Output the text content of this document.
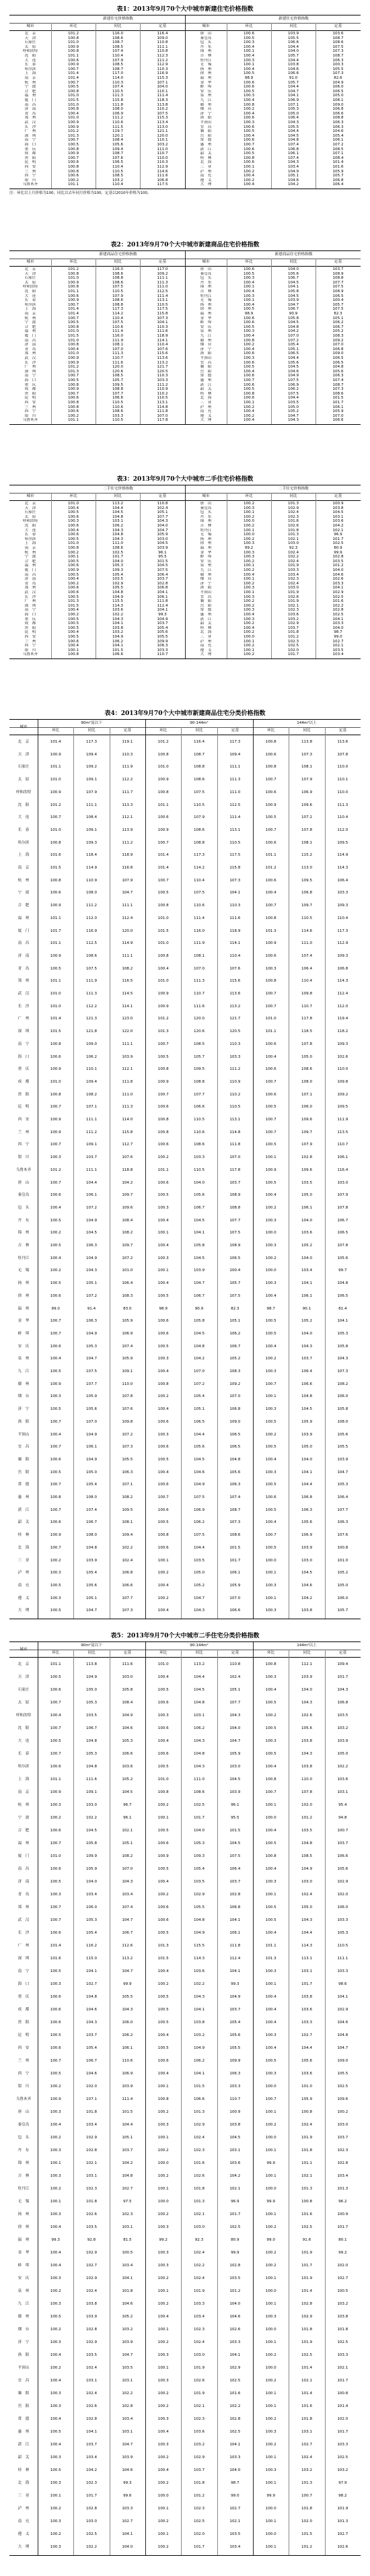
表1：2013年9月70个大中城市新建住宅价格指数
新建住宅价格指数	新建住宅价格指数
城市	环比	同比	定基	城市	环比	同比	定基
北　京	101.2	116.0	116.4
天　津	100.8	108.6	109.0
石家庄	101.0	108.7	110.8
太　原	100.9	108.5	111.1
呼和浩特	100.8	107.4	110.8
沈　阳	101.1	110.4	112.3
大　连	100.6	107.9	111.2
长　春	100.9	108.5	112.9
哈尔滨	100.7	108.7	110.3
上　海	101.4	117.0	116.9
南　京	101.4	114.0	115.3
杭　州	100.7	110.3	107.1
宁　波	100.5	107.4	104.0
合　肥	100.8	110.5	110.1
福　州	101.0	111.3	111.4
厦　门	101.5	115.8	118.3
南　昌	101.0	111.8	113.8
济　南	100.8	108.0	110.2
青　岛	100.4	106.9	107.5
郑　州	101.0	111.2	115.3
武　汉	100.9	110.6	113.4
长　沙	100.9	111.5	113.0
广　州	101.2	119.7	121.1
深　圳	101.3	120.1	120.0
南　宁	100.7	108.4	110.1
海　口	100.5	105.6	103.2
重　庆	100.8	109.4	111.0
成　都	100.9	108.7	110.7
贵　阳	100.7	107.6	110.0
昆　明	100.6	106.5	110.3
西　安	100.8	110.4	112.9
兰　州	100.8	110.5	114.6
西　宁	100.6	108.5	111.6
银　川	100.2	103.2	106.8
乌鲁木齐	101.1	110.4	117.5
唐　山	100.6	103.9	103.6
秦皇岛	100.5	105.5	108.7
包　头	100.3	106.6	108.6
丹　东	100.4	104.4	107.5
锦　州	100.1	104.0	107.3
吉　林	100.4	105.7	108.7
牡丹江	100.3	104.4	106.3
无　锡	100.1	103.8	100.3
扬　州	100.4	104.6	105.5
徐　州	100.5	106.6	107.3
温　州	98.9	91.0	82.6
金　华	100.6	105.7	104.9
蚌　埠	100.6	104.4	106.0
安　庆	100.5	104.7	106.5
泉　州	100.3	104.1	105.0
九　江	100.4	106.9	108.1
赣　州	100.8	107.1	109.0
烟　台	100.2	105.3	106.8
济　宁	100.4	105.0	106.6
洛　阳	100.6	106.4	108.8
平顶山	100.3	104.3	106.3
宜　昌	100.6	105.5	106.3
襄　阳	100.5	104.4	104.6
岳　阳	100.4	104.5	105.4
常　德	100.6	104.8	106.1
惠　州	100.7	107.4	107.2
湛　江	100.6	106.8	108.5
韶　关	100.5	106.1	107.1
桂　林	100.8	107.4	108.4
北　海	100.6	104.3	101.4
三　亚	100.1	103.4	101.6
泸　州	100.2	104.9	105.9
南　充	100.4	105.1	105.7
遵　义	100.2	104.6	106.8
大　理	100.4	104.2	106.4
注：环比以上月价格为100，同比以去年同月价格为100，定基以2010年价格为100。
表2：2013年9月70个大中城市新建商品住宅价格指数
新建商品住宅价格指数	新建商品住宅价格指数
城市	环比	同比	定基	城市	环比	同比	定基
北　京	101.2	116.0	117.0
天　津	100.8	108.6	109.2
石家庄	101.0	108.8	111.1
太　原	100.9	108.6	111.3
呼和浩特	100.8	107.5	111.0
沈　阳	101.1	110.5	112.5
大　连	100.6	107.9	111.4
长　春	100.9	108.6	113.1
哈尔滨	100.7	108.8	110.5
上　海	101.4	117.3	117.5
南　京	101.4	114.2	115.8
杭　州	100.7	110.4	107.3
宁　波	100.5	107.5	104.1
合　肥	100.8	110.6	110.3
福　州	101.0	111.4	111.6
厦　门	101.5	116.0	118.9
南　昌	101.0	111.9	114.1
济　南	100.8	108.1	110.4
青　岛	100.4	107.0	107.6
郑　州	101.0	111.3	115.6
武　汉	100.9	110.7	113.6
长　沙	100.9	111.6	113.2
广　州	101.2	120.0	121.7
深　圳	101.3	120.6	120.5
南　宁	100.7	108.5	110.3
海　口	100.5	105.7	103.3
重　庆	100.8	109.5	111.2
成　都	100.9	108.8	110.9
贵　阳	100.7	107.7	110.2
昆　明	100.6	106.6	110.5
西　安	100.8	110.5	113.1
兰　州	100.8	110.6	114.8
西　宁	100.6	108.6	111.8
银　川	100.2	103.3	107.0
乌鲁木齐	101.1	110.5	117.8
唐　山	100.6	104.0	103.7
秦皇岛	100.5	105.6	108.9
包　头	100.3	106.7	108.8
丹　东	100.4	104.5	107.7
锦　州	100.1	104.1	107.5
吉　林	100.4	105.8	108.9
牡丹江	100.3	104.5	106.5
无　锡	100.1	103.9	100.4
扬　州	100.4	104.7	105.7
徐　州	100.5	106.7	107.5
温　州	98.9	90.9	82.3
金　华	100.6	105.8	105.1
蚌　埠	100.6	104.5	106.2
安　庆	100.5	104.8	106.7
泉　州	100.3	104.2	105.2
九　江	100.4	107.0	108.3
赣　州	100.8	107.2	109.2
烟　台	100.2	105.4	107.0
济　宁	100.4	105.1	106.8
洛　阳	100.6	106.5	109.0
平顶山	100.3	104.4	106.5
宜　昌	100.6	105.6	106.5
襄　阳	100.5	104.5	104.8
岳　阳	100.4	104.6	105.6
常　德	100.6	104.9	106.3
惠　州	100.7	107.5	107.4
湛　江	100.6	106.9	108.7
韶　关	100.5	106.2	107.3
桂　林	100.8	107.5	108.6
北　海	100.6	104.4	101.5
三　亚	100.1	103.5	101.7
泸　州	100.2	105.0	106.1
南　充	100.4	105.2	105.9
遵　义	100.2	104.7	107.0
大　理	100.4	104.3	106.6
表3：2013年9月70个大中城市二手住宅价格指数
二手住宅价格指数	二手住宅价格指数
城市	环比	同比	定基	城市	环比	同比	定基
北　京	101.0	113.2	110.8
天　津	100.4	104.4	102.4
石家庄	100.5	104.5	105.1
太　原	100.6	104.8	107.7
呼和浩特	100.3	103.1	104.3
沈　阳	100.6	106.2	104.0
大　连	100.4	104.3	104.7
长　春	100.6	104.8	105.9
哈尔滨	100.5	104.3	103.0
上　海	101.0	111.0	104.5
南　京	100.8	108.6	103.9
杭　州	100.2	102.5	96.1
宁　波	100.1	101.7	95.5
合　肥	100.5	104.0	101.5
福　州	100.6	105.3	104.5
厦　门	100.9	109.3	107.5
南　昌	100.5	105.4	106.4
济　南	100.4	103.5	103.7
青　岛	100.2	102.9	102.8
郑　州	100.6	105.5	106.8
武　汉	100.6	104.8	104.1
长　沙	100.5	104.9	106.1
广　州	101.3	115.5	111.8
深　圳	101.5	114.3	112.4
南　宁	100.4	103.6	104.1
海　口	100.2	102.2	99.3
重　庆	100.5	104.3	104.9
成　都	100.5	104.1	103.7
贵　阳	100.5	103.8	105.4
昆　明	100.4	103.2	105.6
西　安	100.5	104.9	105.5
兰　州	100.6	106.2	109.9
西　宁	100.4	104.1	106.3
银　川	100.1	101.5	103.3
乌鲁木齐	100.8	106.6	110.7
唐　山	100.2	101.3	100.9
秦皇岛	100.3	102.9	103.8
包　头	100.1	102.4	104.5
丹　东	100.2	102.3	103.1
锦　州	100.0	101.6	103.6
吉　林	100.2	102.6	104.2
牡丹江	100.1	101.8	102.1
无　锡	100.0	101.3	96.9
扬　州	100.2	102.1	101.7
徐　州	100.3	103.0	102.5
温　州	99.2	92.3	80.9
金　华	100.3	102.4	99.9
蚌　埠	100.3	102.2	102.8
安　庆	100.2	102.4	103.5
泉　州	100.1	101.9	101.2
九　江	100.2	103.3	104.0
赣　州	100.4	103.4	104.6
烟　台	100.1	102.3	102.6
济　宁	100.2	102.4	103.3
洛　阳	100.3	103.0	104.1
平顶山	100.1	101.9	102.9
宜　昌	100.3	102.6	102.5
襄　阳	100.2	101.9	101.6
岳　阳	100.2	102.1	102.2
常　德	100.3	102.3	102.8
惠　州	100.4	103.6	102.5
湛　江	100.3	103.2	104.1
韶　关	100.2	102.9	103.3
桂　林	100.4	103.7	104.0
北　海	100.2	101.8	98.7
三　亚	100.0	101.2	99.0
泸　州	100.1	102.3	102.7
南　充	100.2	102.5	102.1
遵　义	100.1	102.0	103.5
大　理	100.2	101.7	103.4
表4：2013年9月70个大中城市新建商品住宅分类价格指数
90m²及以下	90-144m²	144m²以上
城市
环比	同比	定基	环比	同比	定基	环比	同比	定基
北　京	101.4	117.3	119.1	101.2	116.4	117.3	100.8	113.8	113.6
天　津	100.9	109.4	110.3	100.8	108.7	109.4	100.6	107.3	107.8
石家庄	101.1	109.2	111.9	101.0	108.8	111.1	100.8	108.1	110.0
太　原	101.0	109.1	112.2	100.9	108.6	111.3	100.7	107.9	110.1
呼和浩特	100.9	107.9	111.7	100.8	107.5	111.0	100.6	106.9	110.0
沈　阳	101.2	111.1	113.3	101.1	110.5	112.5	100.9	109.6	111.3
大　连	100.7	108.4	112.1	100.6	107.9	111.4	100.5	107.2	110.4
长　春	101.0	109.1	113.9	100.9	108.6	113.1	100.7	107.8	112.0
哈尔滨	100.8	109.3	111.2	100.7	108.8	110.5	100.6	108.1	109.5
上　海	101.6	118.4	118.9	101.4	117.3	117.5	101.1	115.2	114.9
南　京	101.5	114.9	116.8	101.4	114.2	115.8	101.2	113.0	114.3
杭　州	100.8	110.9	107.9	100.7	110.4	107.3	100.6	109.5	106.4
宁　波	100.6	108.0	104.7	100.5	107.5	104.1	100.4	106.8	103.3
合　肥	100.9	111.2	111.1	100.8	110.6	110.3	100.7	109.7	109.3
福　州	101.1	112.0	112.4	101.0	111.4	111.6	100.8	110.5	110.4
厦　门	101.7	116.9	120.0	101.5	116.0	118.9	101.3	114.6	117.3
南　昌	101.1	112.5	114.9	101.0	111.9	114.1	100.9	111.0	112.9
济　南	100.9	108.6	111.1	100.8	108.1	110.4	100.6	107.4	109.3
青　岛	100.5	107.5	108.2	100.4	107.0	107.6	100.3	106.4	106.8
郑　州	101.1	111.9	116.5	101.0	111.3	115.6	100.8	110.4	114.3
武　汉	101.0	111.3	114.5	100.9	110.7	113.6	100.7	109.8	112.4
长　沙	101.0	112.2	114.1	100.9	111.6	113.2	100.7	110.7	112.0
广　州	101.4	121.3	123.0	101.2	120.0	121.7	101.0	117.8	119.4
深　圳	101.5	121.8	122.0	101.3	120.6	120.5	101.1	118.5	118.2
南　宁	100.8	109.0	111.1	100.7	108.5	110.3	100.6	107.8	109.3
海　口	100.6	106.2	103.9	100.5	105.7	103.3	100.4	105.0	102.6
重　庆	100.9	110.1	112.1	100.8	109.5	111.2	100.6	108.6	110.0
成　都	101.0	109.4	111.8	100.9	108.8	110.9	100.7	108.0	109.8
贵　阳	100.8	108.2	111.0	100.7	107.7	110.2	100.6	107.1	109.2
昆　明	100.7	107.1	111.3	100.6	106.6	110.5	100.5	106.0	109.5
西　安	100.9	111.1	114.0	100.8	110.5	113.1	100.7	109.6	111.9
兰　州	100.9	111.2	115.8	100.8	110.6	114.8	100.7	109.7	113.5
西　宁	100.7	109.1	112.7	100.6	108.6	111.8	100.5	107.9	110.7
银　川	100.3	103.7	107.6	100.2	103.3	107.0	100.1	102.8	106.1
乌鲁木齐	101.2	111.1	118.8	101.1	110.5	117.8	100.9	109.6	116.4
唐　山	100.7	104.4	104.2	100.6	104.0	103.7	100.5	103.5	103.0
秦皇岛	100.6	106.1	109.7	100.5	105.6	108.9	100.4	105.0	107.9
包　头	100.4	107.2	109.6	100.3	106.7	108.8	100.2	106.1	107.8
丹　东	100.5	104.9	108.4	100.4	104.5	107.7	100.3	104.0	106.7
锦　州	100.2	104.5	108.2	100.1	104.1	107.5	100.0	103.6	106.5
吉　林	100.5	106.3	109.7	100.4	105.8	108.9	100.3	105.2	107.8
牡丹江	100.4	104.9	107.2	100.3	104.5	106.5	100.2	104.0	105.6
无　锡	100.2	104.3	101.0	100.1	103.9	100.4	100.0	103.4	99.7
扬　州	100.5	105.1	106.4	100.4	104.7	105.7	100.3	104.1	104.8
徐　州	100.6	107.2	108.3	100.5	106.7	107.5	100.4	106.1	106.5
温　州	99.0	91.4	83.0	98.9	90.9	82.3	98.7	90.1	81.4
金　华	100.7	106.3	105.9	100.6	105.8	105.1	100.5	105.2	104.1
蚌　埠	100.7	104.9	106.9	100.6	104.5	106.2	100.5	104.0	105.3
安　庆	100.6	105.3	107.4	100.5	104.8	106.7	100.4	104.3	105.8
泉　州	100.4	104.7	105.9	100.3	104.2	105.2	100.2	103.7	104.3
九　江	100.5	107.5	109.1	100.4	107.0	108.3	100.3	106.4	107.3
赣　州	100.9	107.7	110.0	100.8	107.2	109.2	100.7	106.6	108.2
烟　台	100.3	105.9	107.8	100.2	105.4	107.0	100.1	104.8	106.0
济　宁	100.5	105.6	107.6	100.4	105.1	106.8	100.3	104.5	105.8
洛　阳	100.7	107.0	109.8	100.6	106.5	109.0	100.5	105.9	108.0
平顶山	100.4	104.9	107.2	100.3	104.4	106.5	100.2	103.9	105.6
宜　昌	100.7	106.1	107.3	100.6	105.6	106.5	100.5	105.0	105.5
襄　阳	100.6	104.9	105.5	100.5	104.5	104.8	100.4	104.0	103.9
岳　阳	100.5	105.0	106.3	100.4	104.6	105.6	100.3	104.1	104.7
常　德	100.7	105.4	107.1	100.6	104.9	106.3	100.5	104.4	105.3
惠　州	100.8	108.0	108.2	100.7	107.5	107.4	100.6	106.8	106.4
湛　江	100.7	107.4	109.5	100.6	106.9	108.7	100.5	106.3	107.7
韶　关	100.6	106.7	108.1	100.5	106.2	107.3	100.4	105.6	106.3
桂　林	100.9	108.0	109.4	100.8	107.5	108.6	100.7	106.9	107.6
北　海	100.7	104.8	102.2	100.6	104.4	101.5	100.5	103.9	100.8
三　亚	100.2	103.9	102.4	100.1	103.5	101.7	100.0	103.0	101.0
泸　州	100.3	105.4	106.8	100.2	105.0	106.1	100.1	104.5	105.2
南　充	100.5	105.6	106.6	100.4	105.2	105.9	100.3	104.6	105.0
遵　义	100.3	105.1	107.7	100.2	104.7	107.0	100.1	104.2	106.0
大　理	100.5	104.7	107.3	100.4	104.3	106.6	100.3	103.8	105.7
表5：2013年9月70个大中城市二手住宅分类价格指数
90m²及以下	90-144m²	144m²以上
城市
环比	同比	定基	环比	同比	定基	环比	同比	定基
北　京	101.1	113.8	111.6	101.0	113.2	110.8	100.8	112.1	109.4
天　津	100.5	104.9	103.0	100.4	104.4	102.4	100.3	103.9	101.7
石家庄	100.6	105.0	105.8	100.5	104.5	105.1	100.4	104.0	104.3
太　原	100.7	105.3	108.4	100.6	104.8	107.7	100.5	104.3	106.8
呼和浩特	100.4	103.5	104.9	100.3	103.1	104.3	100.2	102.6	103.5
沈　阳	100.7	106.7	104.6	100.6	106.2	104.0	100.5	105.6	103.2
大　连	100.5	104.8	105.3	100.4	104.3	104.7	100.3	103.8	103.9
长　春	100.7	105.3	106.6	100.6	104.8	105.9	100.5	104.3	105.0
哈尔滨	100.6	104.8	103.6	100.5	104.3	103.0	100.4	103.8	102.2
上　海	101.1	111.6	105.2	101.0	111.0	104.5	100.8	110.0	103.6
南　京	100.9	109.1	104.5	100.8	108.6	103.9	100.7	107.8	103.1
杭　州	100.3	103.0	96.7	100.2	102.5	96.1	100.1	102.0	95.4
宁　波	100.2	102.2	96.1	100.1	101.7	95.5	100.0	101.2	94.8
合　肥	100.6	104.5	102.1	100.5	104.0	101.5	100.4	103.5	100.7
福　州	100.7	105.8	105.1	100.6	105.3	104.5	100.5	104.8	103.7
厦　门	101.0	109.9	108.2	100.9	109.3	107.5	100.8	108.5	106.6
南　昌	100.6	105.9	107.0	100.5	105.4	106.4	100.4	104.9	105.6
济　南	100.5	104.0	104.3	100.4	103.5	103.7	100.3	103.0	102.9
青　岛	100.3	103.4	103.4	100.2	102.9	102.8	100.1	102.4	102.0
郑　州	100.7	106.0	107.4	100.6	105.5	106.8	100.5	105.0	106.0
武　汉	100.7	105.3	104.7	100.6	104.8	104.1	100.5	104.3	103.3
长　沙	100.6	105.4	106.7	100.5	104.9	106.1	100.4	104.4	105.3
广　州	101.4	116.2	112.6	101.3	115.5	111.8	101.1	114.3	110.5
深　圳	101.6	115.0	113.2	101.5	114.3	112.4	101.3	113.1	111.1
南　宁	100.5	104.1	104.7	100.4	103.6	104.1	100.3	103.1	103.3
海　口	100.3	102.7	99.9	100.2	102.2	99.3	100.1	101.7	98.6
重　庆	100.6	104.8	105.5	100.5	104.3	104.9	100.4	103.8	104.1
成　都	100.6	104.6	104.3	100.5	104.1	103.7	100.4	103.6	102.9
贵　阳	100.6	104.3	106.0	100.5	103.8	105.4	100.4	103.3	104.6
昆　明	100.5	103.7	106.2	100.4	103.2	105.6	100.3	102.7	104.8
西　安	100.6	105.4	106.1	100.5	104.9	105.5	100.4	104.4	104.7
兰　州	100.7	106.7	110.6	100.6	106.2	109.9	100.5	105.6	109.0
西　宁	100.5	104.6	106.9	100.4	104.1	106.3	100.3	103.6	105.5
银　川	100.2	102.0	103.9	100.1	101.5	103.3	100.0	101.0	102.5
乌鲁木齐	100.9	107.1	111.4	100.8	106.6	110.7	100.7	105.9	109.6
唐　山	100.3	101.8	101.5	100.2	101.3	100.9	100.1	100.8	100.2
秦皇岛	100.4	103.4	104.4	100.3	102.9	103.8	100.2	102.4	103.0
包　头	100.2	102.9	105.1	100.1	102.4	104.5	100.0	101.9	103.7
丹　东	100.3	102.8	103.7	100.2	102.3	103.1	100.1	101.8	102.3
锦　州	100.1	102.1	104.2	100.0	101.6	103.6	99.9	101.1	102.8
吉　林	100.3	103.1	104.8	100.2	102.6	104.2	100.1	102.1	103.4
牡丹江	100.2	102.3	102.7	100.1	101.8	102.1	100.0	101.3	101.3
无　锡	100.1	101.8	97.5	100.0	101.3	96.9	99.9	100.8	96.2
扬　州	100.3	102.6	102.3	100.2	102.1	101.7	100.1	101.6	100.9
徐　州	100.4	103.5	103.1	100.3	103.0	102.5	100.2	102.5	101.7
温　州	99.3	92.8	81.5	99.2	92.3	80.9	99.0	91.6	80.1
金　华	100.4	102.9	100.5	100.3	102.4	99.9	100.2	101.9	99.2
蚌　埠	100.4	102.7	103.4	100.3	102.2	102.8	100.2	101.7	102.0
安　庆	100.3	102.9	104.1	100.2	102.4	103.5	100.1	101.9	102.7
泉　州	100.2	102.4	101.8	100.1	101.9	101.2	100.0	101.4	100.5
九　江	100.3	103.8	104.6	100.2	103.3	104.0	100.1	102.8	103.2
赣　州	100.5	103.9	105.2	100.4	103.4	104.6	100.3	102.9	103.8
烟　台	100.2	102.8	103.2	100.1	102.3	102.6	100.0	101.8	101.8
济　宁	100.3	102.9	103.9	100.2	102.4	103.3	100.1	101.9	102.5
洛　阳	100.4	103.5	104.7	100.3	103.0	104.1	100.2	102.5	103.3
平顶山	100.2	102.4	103.5	100.1	101.9	102.9	100.0	101.4	102.1
宜　昌	100.4	103.1	103.1	100.3	102.6	102.5	100.2	102.1	101.7
襄　阳	100.3	102.4	102.2	100.2	101.9	101.6	100.1	101.4	100.8
岳　阳	100.3	102.6	102.8	100.2	102.1	102.2	100.1	101.6	101.4
常　德	100.4	102.8	103.4	100.3	102.3	102.8	100.2	101.8	102.0
惠　州	100.5	104.1	103.1	100.4	103.6	102.5	100.3	103.1	101.7
湛　江	100.4	103.7	104.7	100.3	103.2	104.1	100.2	102.7	103.3
韶　关	100.3	103.4	103.9	100.2	102.9	103.3	100.1	102.4	102.5
桂　林	100.5	104.2	104.6	100.4	103.7	104.0	100.3	103.2	103.2
北　海	100.3	102.3	99.3	100.2	101.8	98.7	100.1	101.3	97.9
三　亚	100.1	101.7	99.6	100.0	101.2	99.0	99.9	100.7	98.2
泸　州	100.2	102.8	103.3	100.1	102.3	102.7	100.0	101.8	101.9
南　充	100.3	103.0	102.7	100.2	102.5	102.1	100.1	102.0	101.3
遵　义	100.2	102.5	104.1	100.1	102.0	103.5	100.0	101.5	102.7
大　理	100.3	102.2	104.0	100.2	101.7	103.4	100.1	101.2	102.6
